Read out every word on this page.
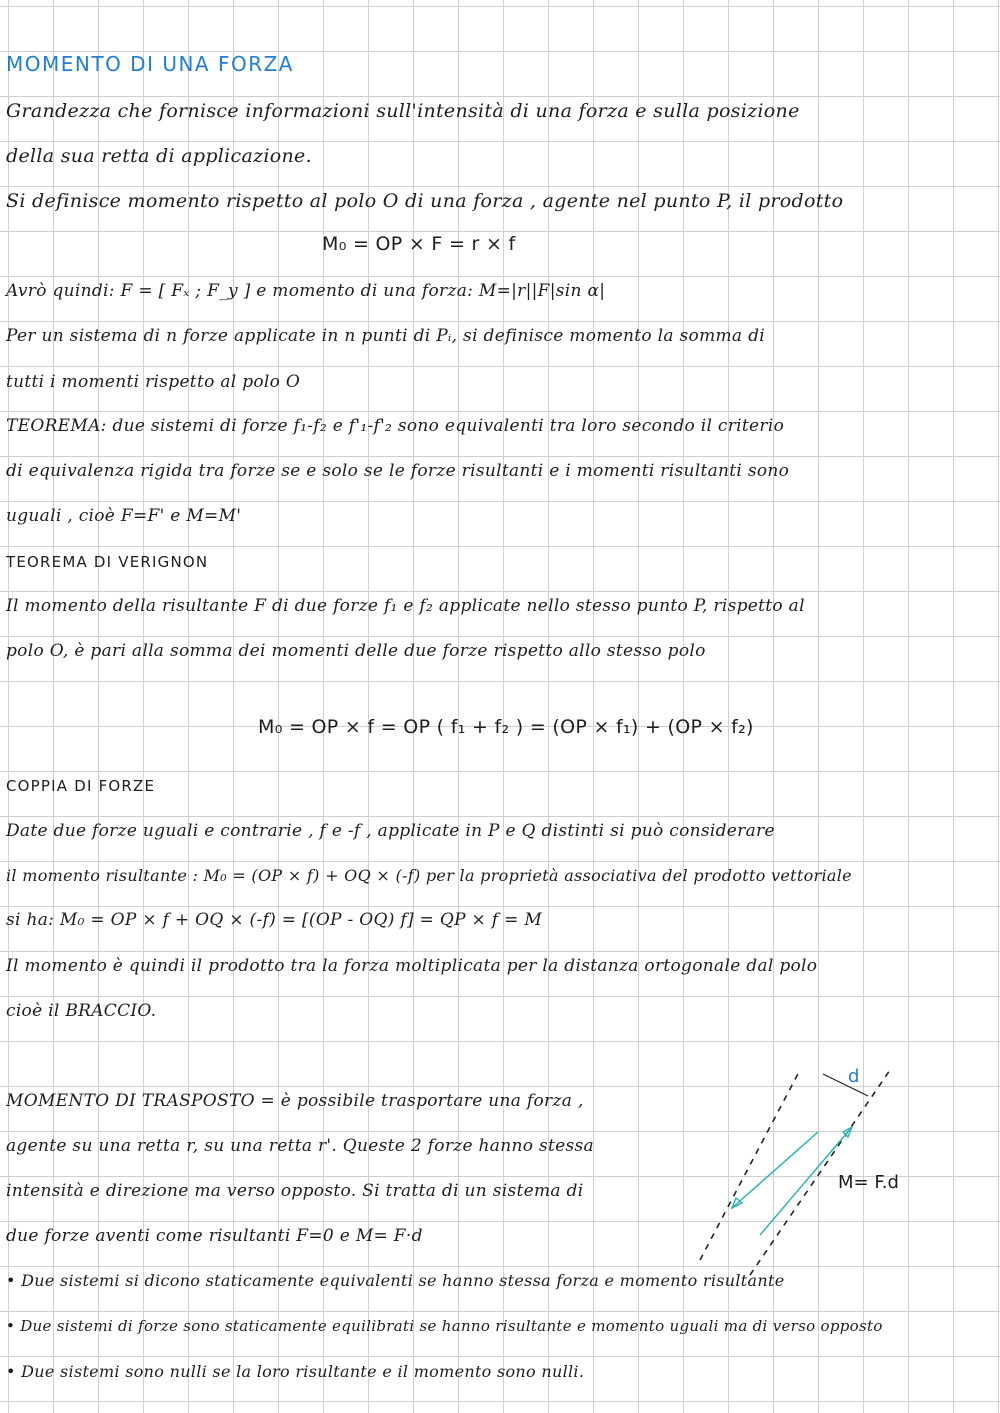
MOMENTO DI UNA FORZA
Grandezza che fornisce informazioni sull'intensità di una forza e sulla posizione
della sua retta di applicazione.
Si definisce momento rispetto al polo O di una forza , agente nel punto P, il prodotto
M₀ = OP × F = r × f
Avrò quindi: F = [ Fₓ ; F_y ] e momento di una forza: M=|r||F|sin α|
Per un sistema di n forze applicate in n punti di Pᵢ, si definisce momento la somma di
tutti i momenti rispetto al polo O
TEOREMA: due sistemi di forze f₁-f₂ e f'₁-f'₂ sono equivalenti tra loro secondo il criterio
di equivalenza rigida tra forze se e solo se le forze risultanti e i momenti risultanti sono
uguali , cioè F=F' e M=M'
TEOREMA DI VERIGNON
Il momento della risultante F di due forze f₁ e f₂ applicate nello stesso punto P, rispetto al
polo O, è pari alla somma dei momenti delle due forze rispetto allo stesso polo
M₀ = OP × f = OP ( f₁ + f₂ ) = (OP × f₁) + (OP × f₂)
COPPIA DI FORZE
Date due forze uguali e contrarie , f e -f , applicate in P e Q distinti si può considerare
il momento risultante : M₀ = (OP × f) + OQ × (-f) per la proprietà associativa del prodotto vettoriale
si ha: M₀ = OP × f + OQ × (-f) = [(OP - OQ) f] = QP × f = M
Il momento è quindi il prodotto tra la forza moltiplicata per la distanza ortogonale dal polo
cioè il BRACCIO.
MOMENTO DI TRASPOSTO = è possibile trasportare una forza ,
agente su una retta r, su una retta r'. Queste 2 forze hanno stessa
intensità e direzione ma verso opposto. Si tratta di un sistema di
due forze aventi come risultanti F=0 e M= F·d
• Due sistemi si dicono staticamente equivalenti se hanno stessa forza e momento risultante
• Due sistemi di forze sono staticamente equilibrati se hanno risultante e momento uguali ma di verso opposto
• Due sistemi sono nulli se la loro risultante e il momento sono nulli.
d
M= F.d
